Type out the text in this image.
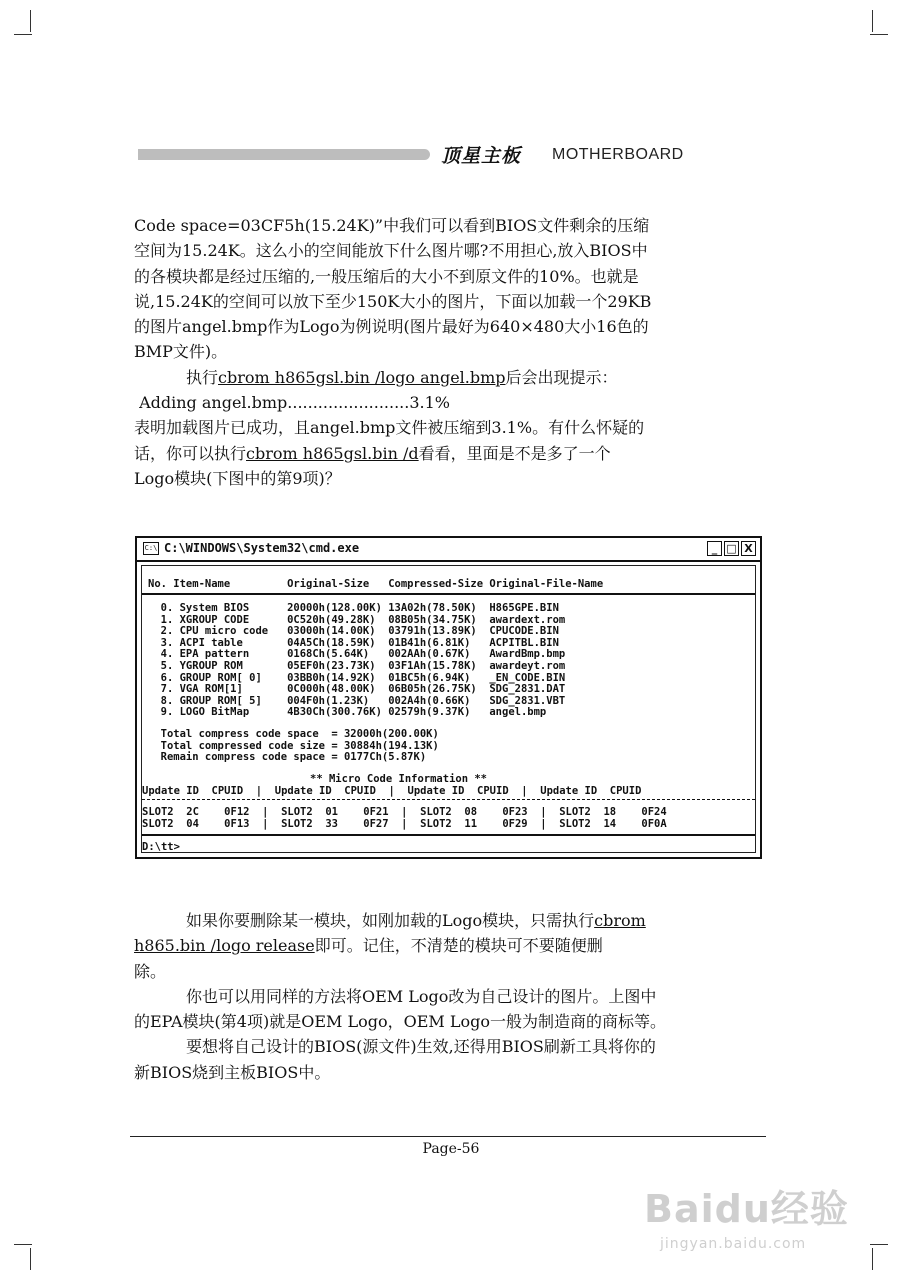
顶星主板 MOTHERBOARD

Code space=03CF5h(15.24K)”中我们可以看到BIOS文件剩余的压缩

空间为15.24K。这么小的空间能放下什么图片哪?不用担心,放入BIOS中

的各模块都是经过压缩的,一般压缩后的大小不到原文件的10%。也就是

说,15.24K的空间可以放下至少150K大小的图片，下面以加载一个29KB

的图片angel.bmp作为Logo为例说明(图片最好为640×480大小16色的

BMP文件)。

执行cbrom h865gsl.bin /logo angel.bmp后会出现提示：

Adding angel.bmp........................3.1%

表明加载图片已成功，且angel.bmp文件被压缩到3.1%。有什么怀疑的

话，你可以执行cbrom h865gsl.bin /d看看，里面是不是多了一个

Logo模块(下图中的第9项)？

C:\ C:\WINDOWS\System32\cmd.exe	_ □ X
No. Item-Name         Original-Size   Compressed-Size Original-File-Name
0. System BIOS      20000h(128.00K) 13A02h(78.50K)  H865GPE.BIN
1. XGROUP CODE      0C520h(49.28K)  08B05h(34.75K)  awardext.rom
2. CPU micro code   03000h(14.00K)  03791h(13.89K)  CPUCODE.BIN
3. ACPI table       04A5Ch(18.59K)  01B41h(6.81K)   ACPITBL.BIN
4. EPA pattern      0168Ch(5.64K)   002AAh(0.67K)   AwardBmp.bmp
5. YGROUP ROM       05EF0h(23.73K)  03F1Ah(15.78K)  awardeyt.rom
6. GROUP ROM[ 0]    03BB0h(14.92K)  01BC5h(6.94K)   _EN_CODE.BIN
7. VGA ROM[1]       0C000h(48.00K)  06B05h(26.75K)  SDG_2831.DAT
8. GROUP ROM[ 5]    004F0h(1.23K)   002A4h(0.66K)   SDG_2831.VBT
9. LOGO BitMap      4B30Ch(300.76K) 02579h(9.37K)   angel.bmp
Total compress code space  = 32000h(200.00K)
Total compressed code size = 30884h(194.13K)
Remain compress code space = 0177Ch(5.87K)
** Micro Code Information **
Update ID  CPUID  |  Update ID  CPUID  |  Update ID  CPUID  |  Update ID  CPUID
SLOT2  2C    0F12  |  SLOT2  01    0F21  |  SLOT2  08    0F23  |  SLOT2  18    0F24
SLOT2  04    0F13  |  SLOT2  33    0F27  |  SLOT2  11    0F29  |  SLOT2  14    0F0A
D:\tt>

如果你要删除某一模块，如刚加载的Logo模块，只需执行cbrom

h865.bin /logo release即可。记住，不清楚的模块可不要随便删

除。

你也可以用同样的方法将OEM Logo改为自己设计的图片。上图中

的EPA模块(第4项)就是OEM Logo，OEM Logo一般为制造商的商标等。

要想将自己设计的BIOS(源文件)生效,还得用BIOS刷新工具将你的

新BIOS烧到主板BIOS中。

Page-56
Baidu经验
jingyan.baidu.com
